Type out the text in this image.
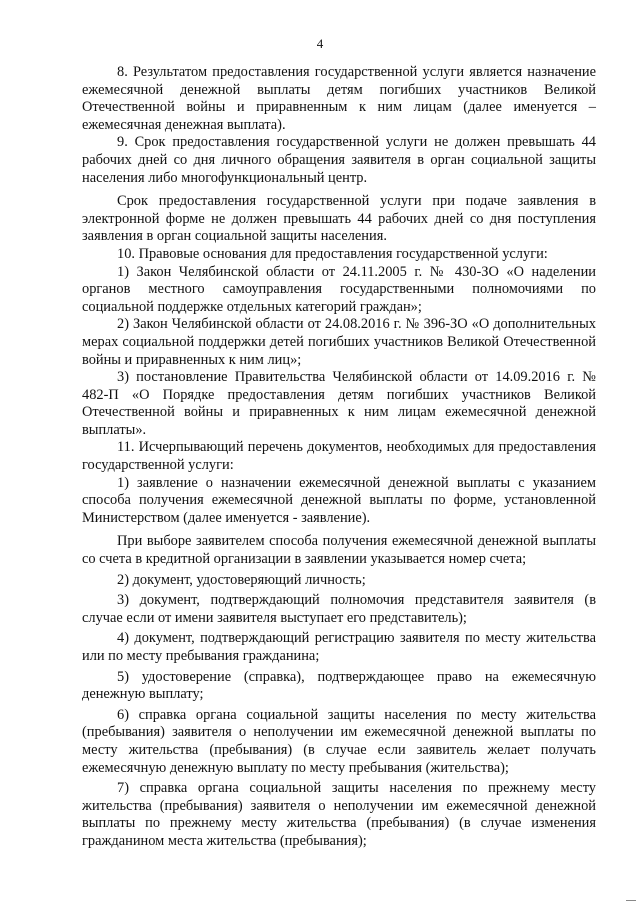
4

8. Результатом предоставления государственной услуги является назначение ежемесячной денежной выплаты детям погибших участников Великой Отечественной войны и приравненным к ним лицам (далее именуется – ежемесячная денежная выплата).

9. Срок предоставления государственной услуги не должен превышать 44 рабочих дней со дня личного обращения заявителя в орган социальной защиты населения либо многофункциональный центр.

Срок предоставления государственной услуги при подаче заявления в электронной форме не должен превышать 44 рабочих дней со дня поступления заявления в орган социальной защиты населения.

10. Правовые основания для предоставления государственной услуги:

1) Закон Челябинской области от 24.11.2005 г. № 430-ЗО «О наделении органов местного самоуправления государственными полномочиями по социальной поддержке отдельных категорий граждан»;

2) Закон Челябинской области от 24.08.2016 г. № 396-ЗО «О дополнительных мерах социальной поддержки детей погибших участников Великой Отечественной войны и приравненных к ним лиц»;

3) постановление Правительства Челябинской области от 14.09.2016 г. № 482-П «О Порядке предоставления детям погибших участников Великой Отечественной войны и приравненных к ним лицам ежемесячной денежной выплаты».

11. Исчерпывающий перечень документов, необходимых для предоставления государственной услуги:

1) заявление о назначении ежемесячной денежной выплаты с указанием способа получения ежемесячной денежной выплаты по форме, установленной Министерством (далее именуется - заявление).

При выборе заявителем способа получения ежемесячной денежной выплаты со счета в кредитной организации в заявлении указывается номер счета;

2) документ, удостоверяющий личность;

3) документ, подтверждающий полномочия представителя заявителя (в случае если от имени заявителя выступает его представитель);

4) документ, подтверждающий регистрацию заявителя по месту жительства или по месту пребывания гражданина;

5) удостоверение (справка), подтверждающее право на ежемесячную денежную выплату;

6) справка органа социальной защиты населения по месту жительства (пребывания) заявителя о неполучении им ежемесячной денежной выплаты по месту жительства (пребывания) (в случае если заявитель желает получать ежемесячную денежную выплату по месту пребывания (жительства);

7) справка органа социальной защиты населения по прежнему месту жительства (пребывания) заявителя о неполучении им ежемесячной денежной выплаты по прежнему месту жительства (пребывания) (в случае изменения гражданином места жительства (пребывания);
